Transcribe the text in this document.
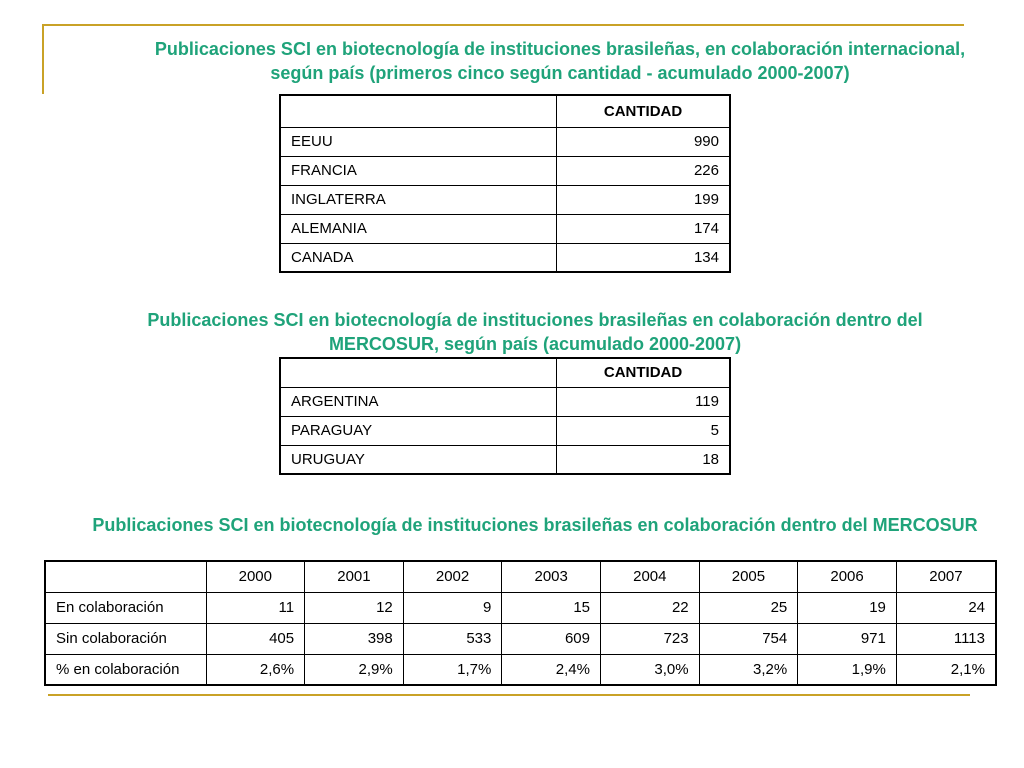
Publicaciones SCI en biotecnología de instituciones brasileñas, en colaboración internacional, según país (primeros cinco según cantidad - acumulado 2000-2007)
	CANTIDAD
EEUU	990
FRANCIA	226
INGLATERRA	199
ALEMANIA	174
CANADA	134
Publicaciones SCI en biotecnología de instituciones brasileñas en colaboración dentro del MERCOSUR, según país (acumulado 2000-2007)
	CANTIDAD
ARGENTINA	119
PARAGUAY	5
URUGUAY	18
Publicaciones SCI en biotecnología de instituciones brasileñas en colaboración dentro del MERCOSUR
	2000	2001	2002	2003	2004	2005	2006	2007
En colaboración	11	12	9	15	22	25	19	24
Sin colaboración	405	398	533	609	723	754	971	1113
% en colaboración	2,6%	2,9%	1,7%	2,4%	3,0%	3,2%	1,9%	2,1%
